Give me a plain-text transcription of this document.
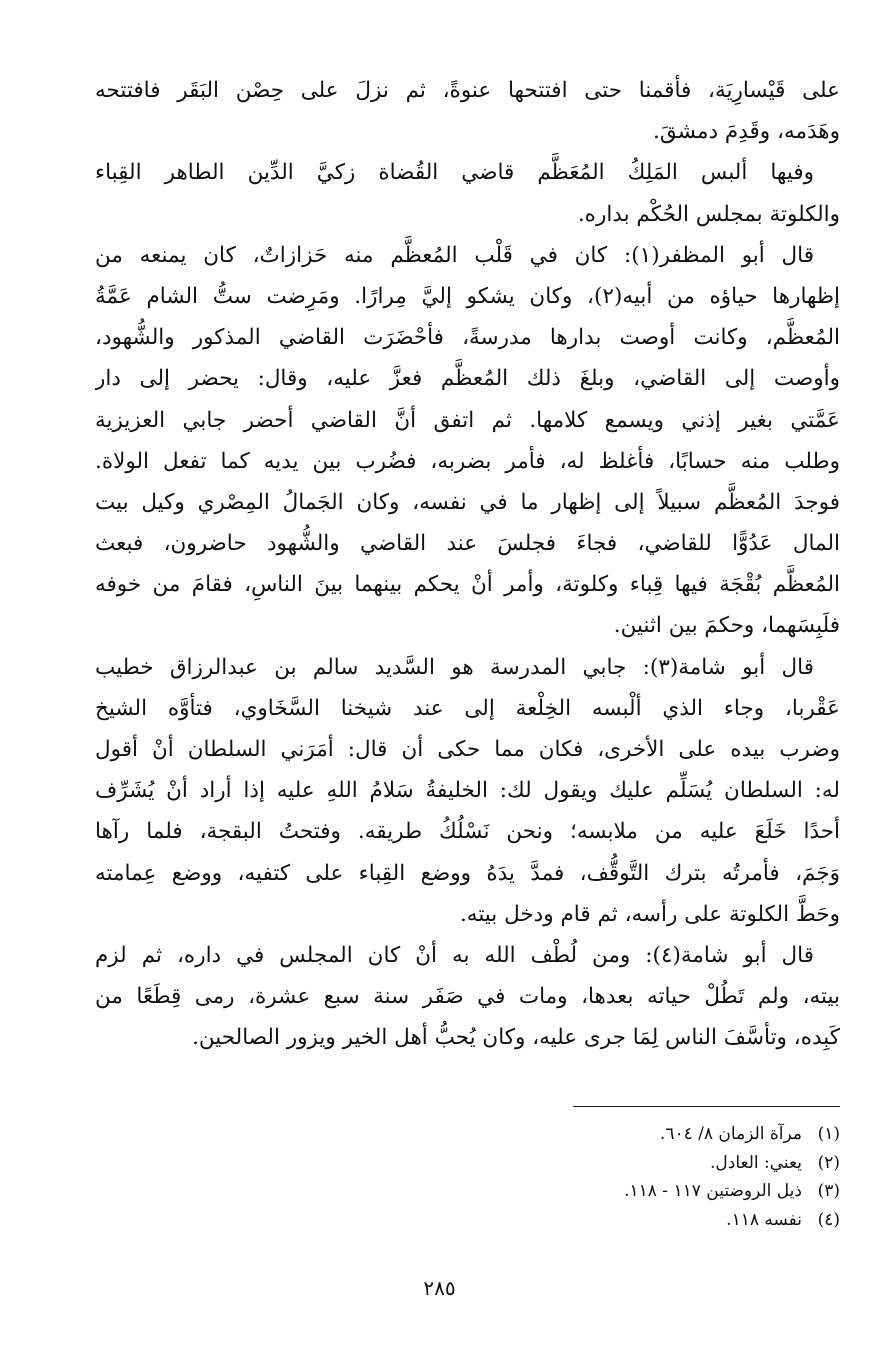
على قَيْسارِيَة، فأقمنا حتى افتتحها عنوةً، ثم نزلَ على حِصْن البَقَر فافتتحه
وهَدَمه، وقَدِمَ دمشقَ.
وفيها ألبس المَلِكُ المُعَظَّم قاضي القُضاة زكيَّ الدِّين الطاهر القِباء
والكلوتة بمجلس الحُكْم بداره.
قال أبو المظفر(١): كان في قَلْب المُعظَّم منه حَزازاتٌ، كان يمنعه من
إظهارها حياؤه من أبيه(٢)، وكان يشكو إليَّ مِرارًا. ومَرِضت ستُّ الشام عَمَّةُ
المُعظَّم، وكانت أوصت بدارها مدرسةً، فأحْضَرَت القاضي المذكور والشُّهود،
وأوصت إلى القاضي، وبلغَ ذلك المُعظَّم فعزَّ عليه، وقال: يحضر إلى دار
عَمَّتي بغير إذني ويسمع كلامها. ثم اتفق أنَّ القاضي أحضر جابي العزيزية
وطلب منه حسابًا، فأغلظ له، فأمر بضربه، فضُرب بين يديه كما تفعل الولاة.
فوجدَ المُعظَّم سبيلاً إلى إظهار ما في نفسه، وكان الجَمالُ المِصْري وكيل بيت
المال عَدُوًّا للقاضي، فجاءَ فجلسَ عند القاضي والشُّهود حاضرون، فبعث
المُعظَّم بُقْجَة فيها قِباء وكلوتة، وأمر أنْ يحكم بينهما بينَ الناسِ، فقامَ من خوفه
فلَبِسَهما، وحكمَ بين اثنين.
قال أبو شامة(٣): جابي المدرسة هو السَّديد سالم بن عبدالرزاق خطيب
عَقْربا، وجاء الذي ألْبسه الخِلْعة إلى عند شيخنا السَّخَاوي، فتأوَّه الشيخ
وضرب بيده على الأخرى، فكان مما حكى أن قال: أمَرَني السلطان أنْ أقول
له: السلطان يُسَلِّم عليك ويقول لك: الخليفةُ سَلامُ اللهِ عليه إذا أراد أنْ يُشَرِّف
أحدًا خَلَعَ عليه من ملابسه؛ ونحن نَسْلُكُ طريقه. وفتحتُ البقجة، فلما رآها
وَجَمَ، فأمرتُه بترك التَّوقُّف، فمدَّ يدَهُ ووضع القِباء على كتفيه، ووضع عِمامته
وحَطَّ الكلوتة على رأسه، ثم قام ودخل بيته.
قال أبو شامة(٤): ومن لُطْف الله به أنْ كان المجلس في داره، ثم لزم
بيته، ولم تَطُلْ حياته بعدها، ومات في صَفَر سنة سبع عشرة، رمى قِطَعًا من
كَبِده، وتأسَّفَ الناس لِمَا جرى عليه، وكان يُحبُّ أهل الخير ويزور الصالحين.
(١)مرآة الزمان ٨/ ٦٠٤.
(٢)يعني: العادل.
(٣)ذيل الروضتين ١١٧ - ١١٨.
(٤)نفسه ١١٨.
٢٨٥
